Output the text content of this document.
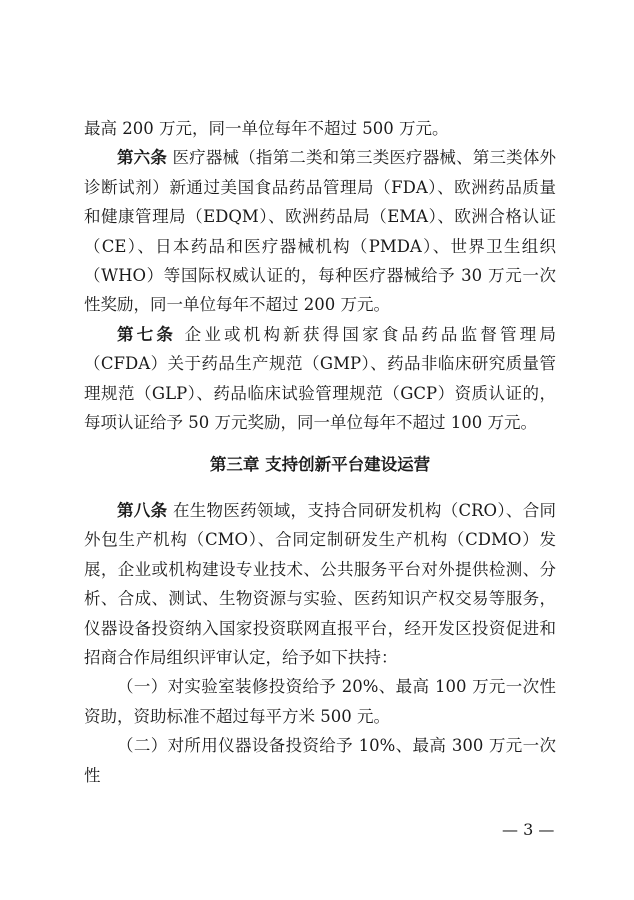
最高 200 万元，同一单位每年不超过 500 万元。

第六条 医疗器械（指第二类和第三类医疗器械、第三类体外诊断试剂）新通过美国食品药品管理局（FDA）、欧洲药品质量和健康管理局（EDQM）、欧洲药品局（EMA）、欧洲合格认证（CE）、日本药品和医疗器械机构（PMDA）、世界卫生组织（WHO）等国际权威认证的，每种医疗器械给予 30 万元一次性奖励，同一单位每年不超过 200 万元。

第七条 企业或机构新获得国家食品药品监督管理局（CFDA）关于药品生产规范（GMP）、药品非临床研究质量管理规范（GLP）、药品临床试验管理规范（GCP）资质认证的，每项认证给予 50 万元奖励，同一单位每年不超过 100 万元。

第三章 支持创新平台建设运营

第八条 在生物医药领域，支持合同研发机构（CRO）、合同外包生产机构（CMO）、合同定制研发生产机构（CDMO）发展，企业或机构建设专业技术、公共服务平台对外提供检测、分析、合成、测试、生物资源与实验、医药知识产权交易等服务，仪器设备投资纳入国家投资联网直报平台，经开发区投资促进和招商合作局组织评审认定，给予如下扶持：

（一）对实验室装修投资给予 20%、最高 100 万元一次性资助，资助标准不超过每平方米 500 元。

（二）对所用仪器设备投资给予 10%、最高 300 万元一次性

— 3 —
